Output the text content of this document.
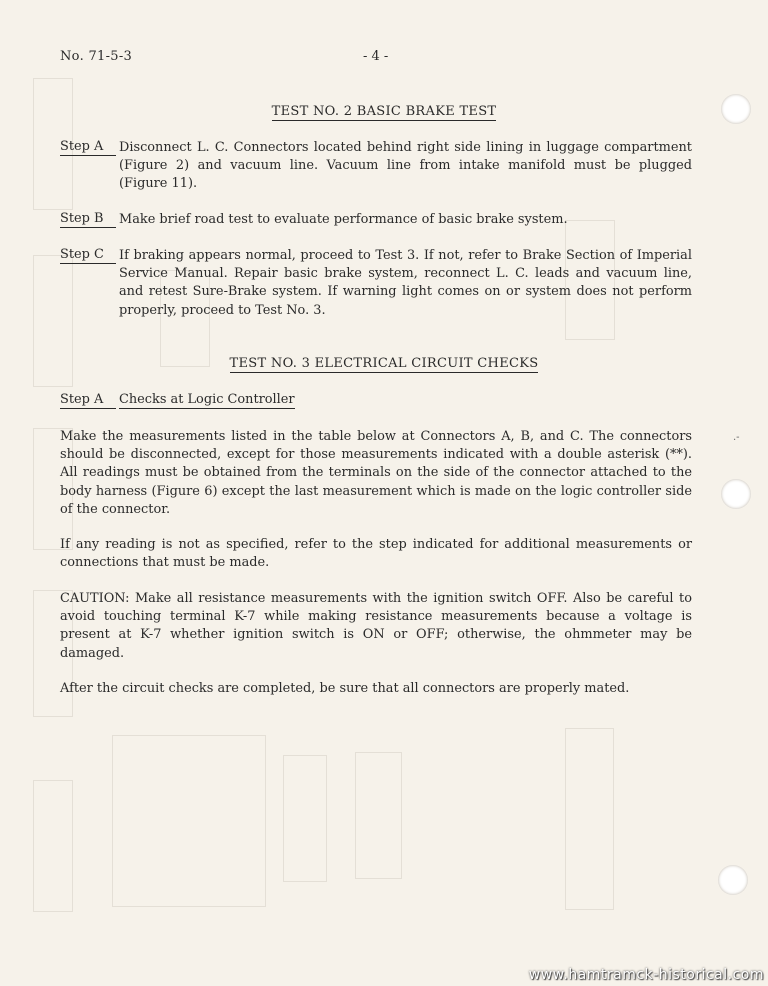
.-
No. 71-5-3	- 4 -
TEST NO. 2 BASIC BRAKE TEST
Step A	Disconnect L. C. Connectors located behind right side lining in luggage compartment (Figure 2) and vacuum line. Vacuum line from intake manifold must be plugged (Figure 11).
Step B	Make brief road test to evaluate performance of basic brake system.
Step C	If braking appears normal, proceed to Test 3. If not, refer to Brake Section of Imperial Service Manual. Repair basic brake system, reconnect L. C. leads and vacuum line, and retest Sure-Brake system. If warning light comes on or system does not perform properly, proceed to Test No. 3.
TEST NO. 3 ELECTRICAL CIRCUIT CHECKS
Step A	Checks at Logic Controller
Make the measurements listed in the table below at Connectors A, B, and C. The connectors should be disconnected, except for those measurements indicated with a double asterisk (**). All readings must be obtained from the terminals on the side of the connector attached to the body harness (Figure 6) except the last measurement which is made on the logic controller side of the connector.
If any reading is not as specified, refer to the step indicated for additional measurements or connections that must be made.
CAUTION: Make all resistance measurements with the ignition switch OFF. Also be careful to avoid touching terminal K-7 while making resistance measurements because a voltage is present at K-7 whether ignition switch is ON or OFF; otherwise, the ohmmeter may be damaged.
After the circuit checks are completed, be sure that all connectors are properly mated.
www.hamtramck-historical.com
